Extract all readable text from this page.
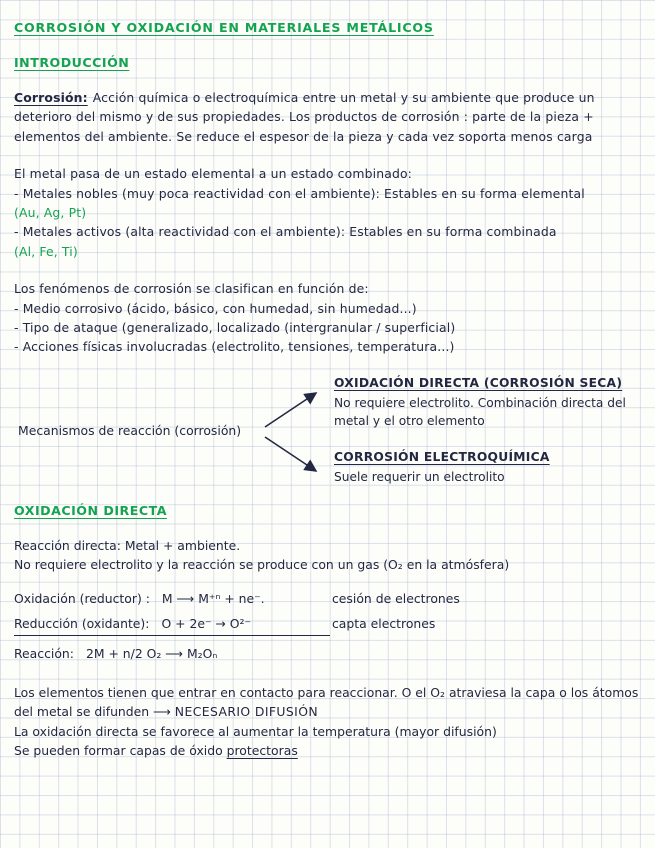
CORROSIÓN Y OXIDACIÓN EN MATERIALES METÁLICOS
INTRODUCCIÓN

Corrosión: Acción química o electroquímica entre un metal y su ambiente que produce un deterioro del mismo y de sus propiedades. Los productos de corrosión : parte de la pieza + elementos del ambiente. Se reduce el espesor de la pieza y cada vez soporta menos carga

El metal pasa de un estado elemental a un estado combinado:
- Metales nobles (muy poca reactividad con el ambiente): Estables en su forma elemental
(Au, Ag, Pt)
- Metales activos (alta reactividad con el ambiente): Estables en su forma combinada
(Al, Fe, Ti)

Los fenómenos de corrosión se clasifican en función de:
- Medio corrosivo (ácido, básico, con humedad, sin humedad...)
- Tipo de ataque (generalizado, localizado (intergranular / superficial)
- Acciones físicas involucradas (electrolito, tensiones, temperatura...)

Mecanismos de reacción (corrosión)
OXIDACIÓN DIRECTA (CORROSIÓN SECA)
No requiere electrolito. Combinación directa del metal y el otro elemento
CORROSIÓN ELECTROQUÍMICA
Suele requerir un electrolito
OXIDACIÓN DIRECTA

Reacción directa: Metal + ambiente.
No requiere electrolito y la reacción se produce con un gas (O₂ en la atmósfera)

Oxidación (reductor) : M ⟶ M⁺ⁿ + ne⁻.	cesión de electrones
Reducción (oxidante): O + 2e⁻ → O²⁻	capta electrones
Reacción: 2M + n/2 O₂ ⟶ M₂Oₙ

Los elementos tienen que entrar en contacto para reaccionar. O el O₂ atraviesa la capa o los átomos del metal se difunden ⟶ NECESARIO DIFUSIÓN
La oxidación directa se favorece al aumentar la temperatura (mayor difusión)
Se pueden formar capas de óxido protectoras
